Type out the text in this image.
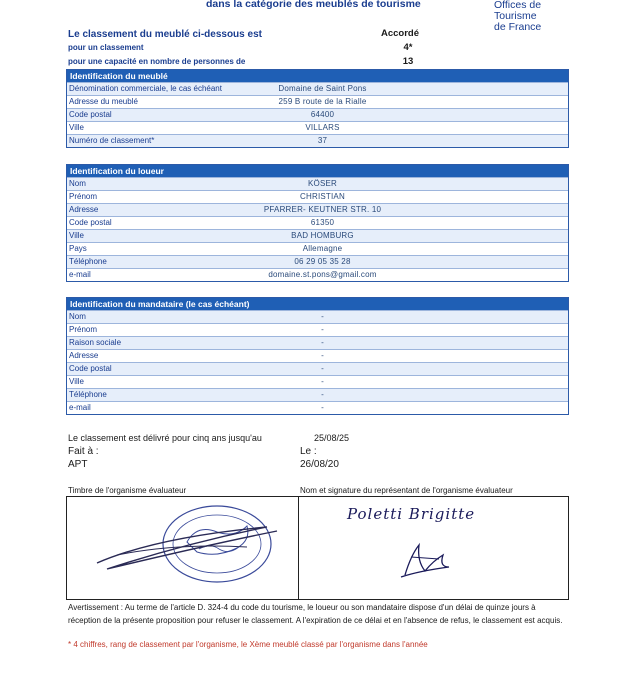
dans la catégorie des meublés de tourisme	Offices de
Tourisme
de France
Le classement du meublé ci-dessous est	Accordé
pour un classement	4*
pour une capacité en nombre de personnes de	13
Identification du meublé
Dénomination commerciale, le cas échéant	Domaine de Saint Pons
Adresse du meublé	259 B route de la Rialle
Code postal	64400
Ville	VILLARS
Numéro de classement*	37
Identification du loueur
Nom	KÖSER
Prénom	CHRISTIAN
Adresse	PFARRER- KEUTNER STR. 10
Code postal	61350
Ville	BAD HOMBURG
Pays	Allemagne
Téléphone	06 29 05 35 28
e-mail	domaine.st.pons@gmail.com
Identification du mandataire (le cas échéant)
Nom	-
Prénom	-
Raison sociale	-
Adresse	-
Code postal	-
Ville	-
Téléphone	-
e-mail	-
Le classement est délivré pour cinq ans jusqu'au	25/08/25
Fait à :	Le :
APT	26/08/20
Timbre de l'organisme évaluateur	Nom et signature du représentant de l'organisme évaluateur
Poletti Brigitte
Avertissement : Au terme de l'article D. 324-4 du code du tourisme, le loueur ou son mandataire dispose d'un délai de quinze jours à réception de la présente proposition pour refuser le classement. A l'expiration de ce délai et en l'absence de refus, le classement est acquis.
* 4 chiffres, rang de classement par l'organisme, le Xème meublé classé par l'organisme dans l'année
